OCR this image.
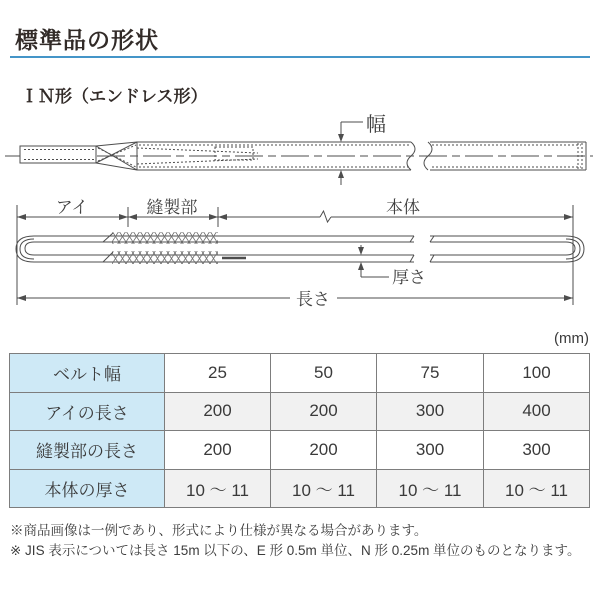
標準品の形状
ＩＮ形（エンドレス形）
幅
アイ	縫製部	本体
厚さ
長さ
(mm)
ベルト幅	25	50	75	100
アイの長さ	200	200	300	400
縫製部の長さ	200	200	300	300
本体の厚さ	10 〜 11	10 〜 11	10 〜 11	10 〜 11
※商品画像は一例であり、形式により仕様が異なる場合があります。
※ JIS 表示については長さ 15m 以下の、E 形 0.5m 単位、N 形 0.25m 単位のものとなります。
